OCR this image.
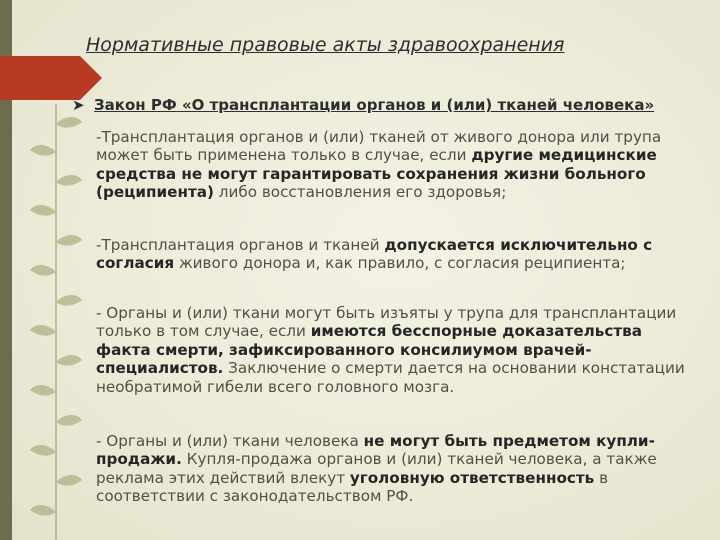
Нормативные правовые акты здравоохранения
➤ Закон РФ «О трансплантации органов и (или) тканей человека»
-Трансплантация органов и (или) тканей от живого донора или трупа может быть применена только в случае, если другие медицинские средства не могут гарантировать сохранения жизни больного (реципиента) либо восстановления его здоровья;
-Трансплантация органов и тканей допускается исключительно с согласия живого донора и, как правило, с согласия реципиента;
- Органы и (или) ткани могут быть изъяты у трупа для трансплантации только в том случае, если имеются бесспорные доказательства факта смерти, зафиксированного консилиумом врачей-специалистов. Заключение о смерти дается на основании констатации необратимой гибели всего головного мозга.
- Органы и (или) ткани человека не могут быть предметом купли-продажи. Купля-продажа органов и (или) тканей человека, а также реклама этих действий влекут уголовную ответственность в соответствии с законодательством РФ.
